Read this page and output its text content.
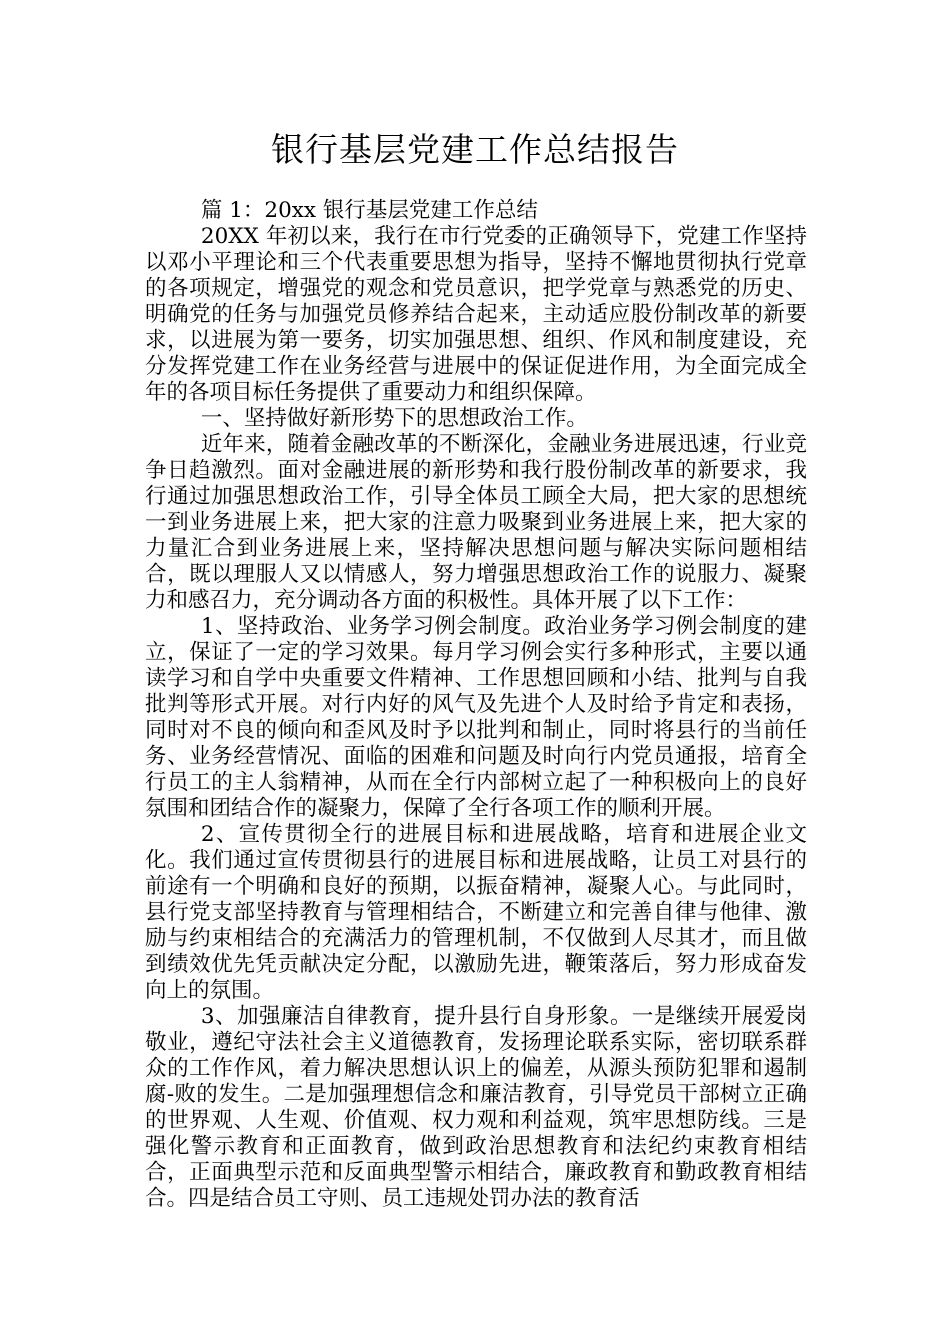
银行基层党建工作总结报告

篇 1：20xx 银行基层党建工作总结

20XX 年初以来，我行在市行党委的正确领导下，党建工作坚持以邓小平理论和三个代表重要思想为指导，坚持不懈地贯彻执行党章的各项规定，增强党的观念和党员意识，把学党章与熟悉党的历史、明确党的任务与加强党员修养结合起来，主动适应股份制改革的新要求，以进展为第一要务，切实加强思想、组织、作风和制度建设，充分发挥党建工作在业务经营与进展中的保证促进作用，为全面完成全年的各项目标任务提供了重要动力和组织保障。

一、坚持做好新形势下的思想政治工作。

近年来，随着金融改革的不断深化，金融业务进展迅速，行业竞争日趋激烈。面对金融进展的新形势和我行股份制改革的新要求，我行通过加强思想政治工作，引导全体员工顾全大局，把大家的思想统一到业务进展上来，把大家的注意力吸聚到业务进展上来，把大家的力量汇合到业务进展上来，坚持解决思想问题与解决实际问题相结合，既以理服人又以情感人，努力增强思想政治工作的说服力、凝聚力和感召力，充分调动各方面的积极性。具体开展了以下工作：

1、坚持政治、业务学习例会制度。政治业务学习例会制度的建立，保证了一定的学习效果。每月学习例会实行多种形式，主要以通读学习和自学中央重要文件精神、工作思想回顾和小结、批判与自我批判等形式开展。对行内好的风气及先进个人及时给予肯定和表扬，同时对不良的倾向和歪风及时予以批判和制止，同时将县行的当前任务、业务经营情况、面临的困难和问题及时向行内党员通报，培育全行员工的主人翁精神，从而在全行内部树立起了一种积极向上的良好氛围和团结合作的凝聚力，保障了全行各项工作的顺利开展。

2、宣传贯彻全行的进展目标和进展战略，培育和进展企业文化。我们通过宣传贯彻县行的进展目标和进展战略，让员工对县行的前途有一个明确和良好的预期，以振奋精神，凝聚人心。与此同时，县行党支部坚持教育与管理相结合，不断建立和完善自律与他律、激励与约束相结合的充满活力的管理机制，不仅做到人尽其才，而且做到绩效优先凭贡献决定分配，以激励先进，鞭策落后，努力形成奋发向上的氛围。

3、加强廉洁自律教育，提升县行自身形象。一是继续开展爱岗敬业，遵纪守法社会主义道德教育，发扬理论联系实际，密切联系群众的工作作风，着力解决思想认识上的偏差，从源头预防犯罪和遏制腐-败的发生。二是加强理想信念和廉洁教育，引导党员干部树立正确的世界观、人生观、价值观、权力观和利益观，筑牢思想防线。三是强化警示教育和正面教育，做到政治思想教育和法纪约束教育相结合，正面典型示范和反面典型警示相结合，廉政教育和勤政教育相结合。四是结合员工守则、员工违规处罚办法的教育活
